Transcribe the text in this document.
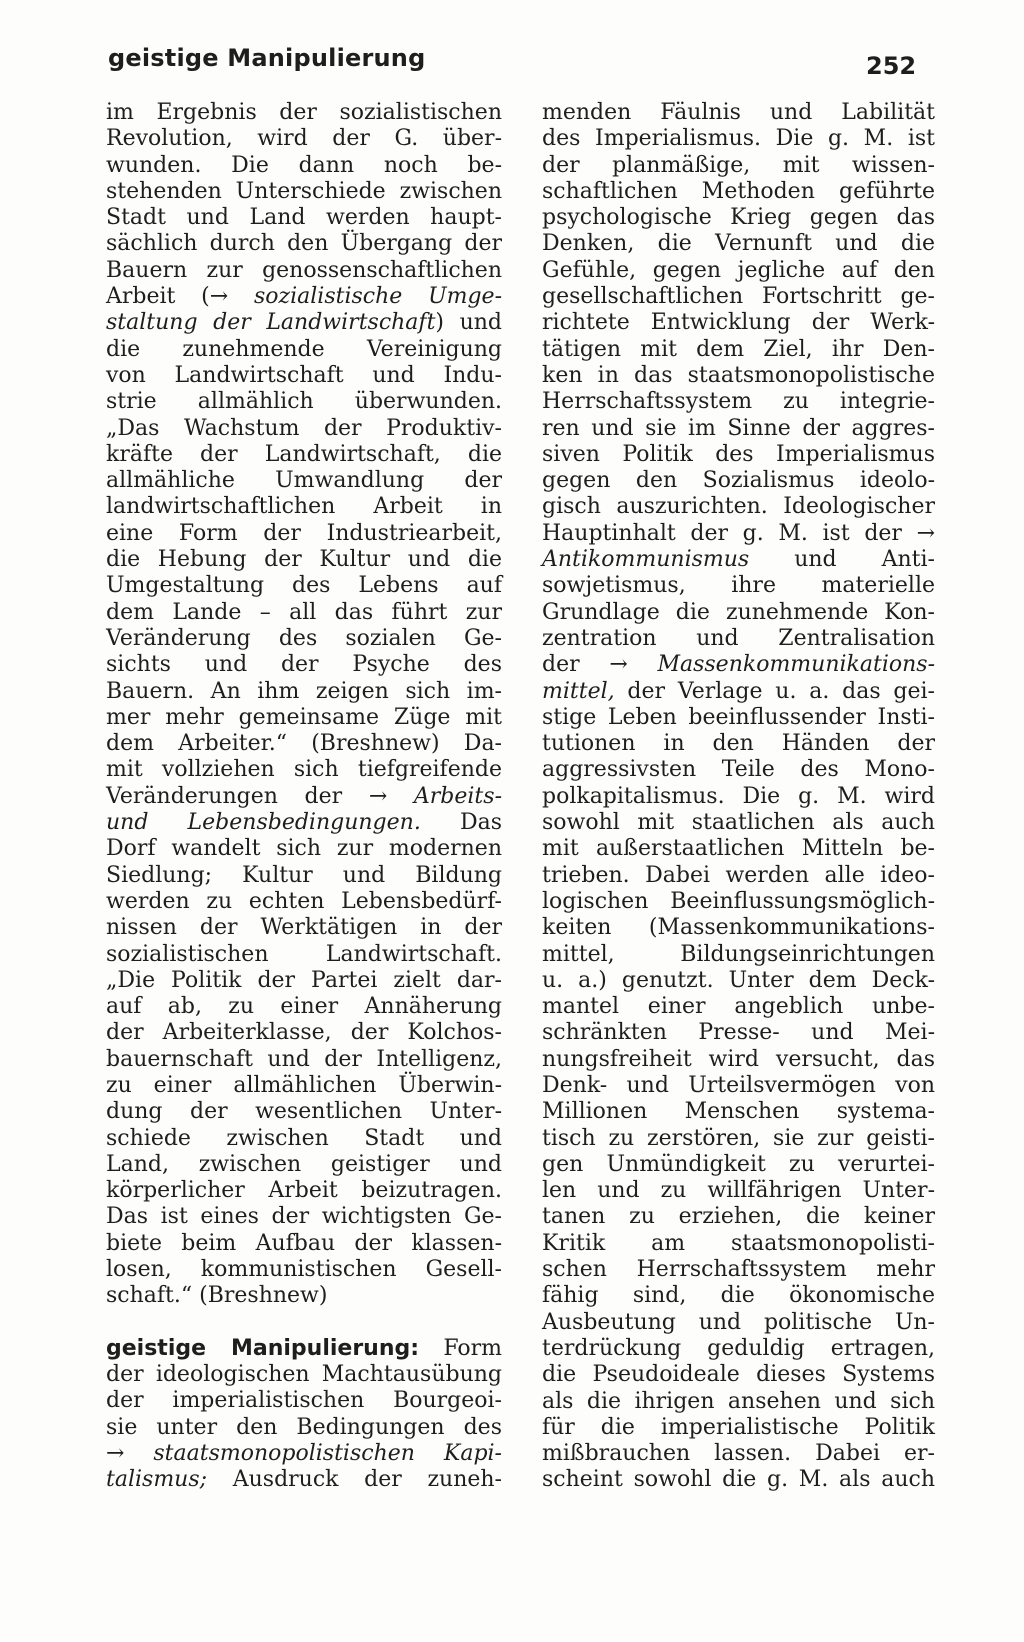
geistige Manipulierung	252
im Ergebnis der sozialistischen
Revolution, wird der G. über-
wunden. Die dann noch be-
stehenden Unterschiede zwischen
Stadt und Land werden haupt-
sächlich durch den Übergang der
Bauern zur genossenschaftlichen
Arbeit (→ sozialistische Umge-
staltung der Landwirtschaft) und
die zunehmende Vereinigung
von Landwirtschaft und Indu-
strie allmählich überwunden.
„Das Wachstum der Produktiv-
kräfte der Landwirtschaft, die
allmähliche Umwandlung der
landwirtschaftlichen Arbeit in
eine Form der Industriearbeit,
die Hebung der Kultur und die
Umgestaltung des Lebens auf
dem Lande – all das führt zur
Veränderung des sozialen Ge-
sichts und der Psyche des
Bauern. An ihm zeigen sich im-
mer mehr gemeinsame Züge mit
dem Arbeiter.“ (Breshnew) Da-
mit vollziehen sich tiefgreifende
Veränderungen der → Arbeits-
und Lebensbedingungen. Das
Dorf wandelt sich zur modernen
Siedlung; Kultur und Bildung
werden zu echten Lebensbedürf-
nissen der Werktätigen in der
sozialistischen Landwirtschaft.
„Die Politik der Partei zielt dar-
auf ab, zu einer Annäherung
der Arbeiterklasse, der Kolchos-
bauernschaft und der Intelligenz,
zu einer allmählichen Überwin-
dung der wesentlichen Unter-
schiede zwischen Stadt und
Land, zwischen geistiger und
körperlicher Arbeit beizutragen.
Das ist eines der wichtigsten Ge-
biete beim Aufbau der klassen-
losen, kommunistischen Gesell-
schaft.“ (Breshnew)
geistige Manipulierung: Form
der ideologischen Machtausübung
der imperialistischen Bourgeoi-
sie unter den Bedingungen des
→ staatsmonopolistischen Kapi-
talismus; Ausdruck der zuneh-
menden Fäulnis und Labilität
des Imperialismus. Die g. M. ist
der planmäßige, mit wissen-
schaftlichen Methoden geführte
psychologische Krieg gegen das
Denken, die Vernunft und die
Gefühle, gegen jegliche auf den
gesellschaftlichen Fortschritt ge-
richtete Entwicklung der Werk-
tätigen mit dem Ziel, ihr Den-
ken in das staatsmonopolistische
Herrschaftssystem zu integrie-
ren und sie im Sinne der aggres-
siven Politik des Imperialismus
gegen den Sozialismus ideolo-
gisch auszurichten. Ideologischer
Hauptinhalt der g. M. ist der →
Antikommunismus und Anti-
sowjetismus, ihre materielle
Grundlage die zunehmende Kon-
zentration und Zentralisation
der → Massenkommunikations-
mittel, der Verlage u. a. das gei-
stige Leben beeinflussender Insti-
tutionen in den Händen der
aggressivsten Teile des Mono-
polkapitalismus. Die g. M. wird
sowohl mit staatlichen als auch
mit außerstaatlichen Mitteln be-
trieben. Dabei werden alle ideo-
logischen Beeinflussungsmöglich-
keiten (Massenkommunikations-
mittel, Bildungseinrichtungen
u. a.) genutzt. Unter dem Deck-
mantel einer angeblich unbe-
schränkten Presse- und Mei-
nungsfreiheit wird versucht, das
Denk- und Urteilsvermögen von
Millionen Menschen systema-
tisch zu zerstören, sie zur geisti-
gen Unmündigkeit zu verurtei-
len und zu willfährigen Unter-
tanen zu erziehen, die keiner
Kritik am staatsmonopolisti-
schen Herrschaftssystem mehr
fähig sind, die ökonomische
Ausbeutung und politische Un-
terdrückung geduldig ertragen,
die Pseudoideale dieses Systems
als die ihrigen ansehen und sich
für die imperialistische Politik
mißbrauchen lassen. Dabei er-
scheint sowohl die g. M. als auch
